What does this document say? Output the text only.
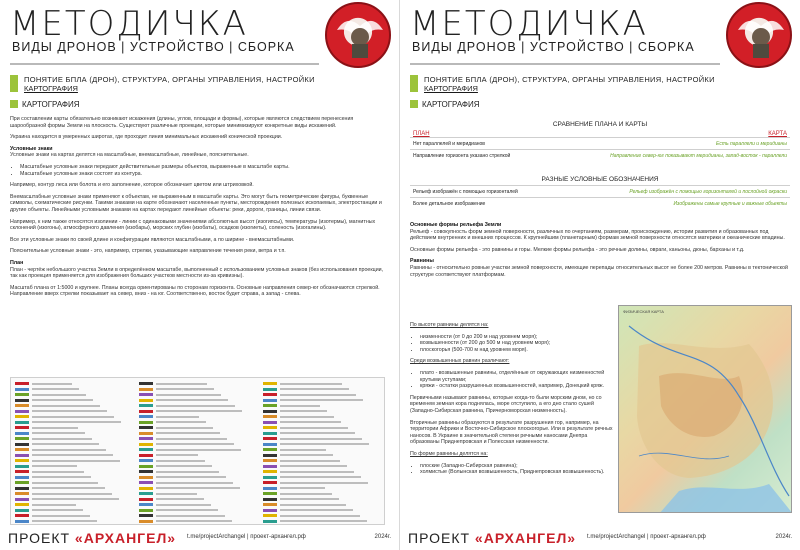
МЕТОДИЧКА
ВИДЫ ДРОНОВ | УСТРОЙСТВО | СБОРКА
ПОНЯТИЕ БПЛА (ДРОН), СТРУКТУРА, ОРГАНЫ УПРАВЛЕНИЯ, НАСТРОЙКИ
КАРТОГРАФИЯ
КАРТОГРАФИЯ

При составлении карты обязательно возникают искажения (длины, углов, площади и формы), которые являются следствием перенесения шарообразной формы Земли на плоскость. Существуют различные проекции, которые минимизируют конкретные виды искажений.

Украина находится в умеренных широтах, где проходит линия минимальных искажений конической проекции.

Условные знаки
Условные знаки на картах делятся на масштабные, внемасштабные, линейные, пояснительные.

• Масштабные условные знаки передают действительные размеры объектов, выраженные в масштабе карты.
• Масштабные условные знаки состоят из контура.

Например, контур леса или болота и его заполнение, которое обозначает цветом или штриховкой.

Внемасштабные условные знаки применяют к объектам, не выраженным в масштабе карты. Это могут быть геометрические фигуры, буквенные символы, схематические рисунки. Такими знаками на карте обозначают населенные пункты, месторождения полезных ископаемых, электростанции и другие объекты. Линейными условными знаками на картах передают линейные объекты: реки, дороги, границы, линии связи.

Например, к ним также относятся изолинии - линии с одинаковыми значениями абсолютных высот (изогипсы), температуры (изотермы), магнитных склонений (изогоны), атмосферного давления (изобары), морских глубин (изобаты), осадков (изогиеты), соленость (изогалины).

Все эти условные знаки по своей длине и конфигурации являются масштабными, а по ширине - внемасштабными.

Пояснительные условные знаки - это, например, стрелки, указывающие направление течения реки, ветра и т.п.

План
План - чертёж небольшого участка Земли в определённом масштабе, выполненный с использованием условных знаков (без использования проекции, так как проекция применяется для изображения больших участков местности из-за кривизны).

Масштаб плана от 1:5000 и крупнее. Планы всегда ориентированы по сторонам горизонта. Основные направления север-юг обозначаются стрелкой. Направление вверх стрелки показывает на север, вниз - на юг. Соответственно, восток будет справа, а запад - слева.

ПРОЕКТ «АРХАНГЕЛ» t.me/projectArchangel | проект-архангел.рф	2024г.
МЕТОДИЧКА
ВИДЫ ДРОНОВ | УСТРОЙСТВО | СБОРКА
ПОНЯТИЕ БПЛА (ДРОН), СТРУКТУРА, ОРГАНЫ УПРАВЛЕНИЯ, НАСТРОЙКИ
КАРТОГРАФИЯ
КАРТОГРАФИЯ
СРАВНЕНИЕ ПЛАНА И КАРТЫ
ПЛАН	КАРТА
Нет параллелей и меридианов	Есть параллели и меридианы
Направление горизонта указано стрелкой	Направление север-юг показывают меридианы, запад-восток - параллели
РАЗНЫЕ УСЛОВНЫЕ ОБОЗНАЧЕНИЯ
Рельеф изображён с помощью горизонталей	Рельеф изображён с помощью горизонталей и послойной окраски
Более детальное изображение	Изображены самые крупные и важные объекты

Основные формы рельефа Земли
Рельеф - совокупность форм земной поверхности, различных по очертаниям, размерам, происхождению, истории развития и образованных под действием внутренних и внешних процессов. К крупнейшим (планетарным) формам земной поверхности относятся материки и океанические впадины.

Основные формы рельефа - это равнины и горы. Мелкие формы рельефа - это речные долины, овраги, каньоны, дюны, барханы и т.д.

Равнины
Равнины - относительно ровные участки земной поверхности, имеющие перепады относительных высот не более 200 метров. Равнины в тектонической структуре соответствуют платформам.

По высоте равнины делятся на:

• низменности (от 0 до 200 м над уровнем моря);
• возвышенности (от 200 до 500 м над уровнем моря);
• плоскогорья (500-700 м над уровнем моря).

Среди возвышенных равнин различают:

• плато - возвышенные равнины, отделённые от окружающих низменностей крутыми уступами;
• кряжи - остатки разрушенных возвышенностей, например, Донецкий кряж.

Первичными называют равнины, которые когда-то были морским дном, но со временем земная кора поднялась, море отступило, а его дно стало сушей (Западно-Сибирская равнина, Причерноморская низменность).

Вторичные равнины образуются в результате разрушения гор, например, на территории Африки и Восточно-Сибирское плоскогорье. Или в результате речных наносов. В Украине в значительной степени речными наносами Днепра образованы Приднепровская и Полесская низменности.

По форме равнины делятся на:

• плоские (Западно-Сибирская равнина);
• холмистые (Волынская возвышенность, Приднепровская возвышенность).
ФИЗИЧЕСКАЯ КАРТА
ПРОЕКТ «АРХАНГЕЛ» t.me/projectArchangel | проект-архангел.рф	2024г.
